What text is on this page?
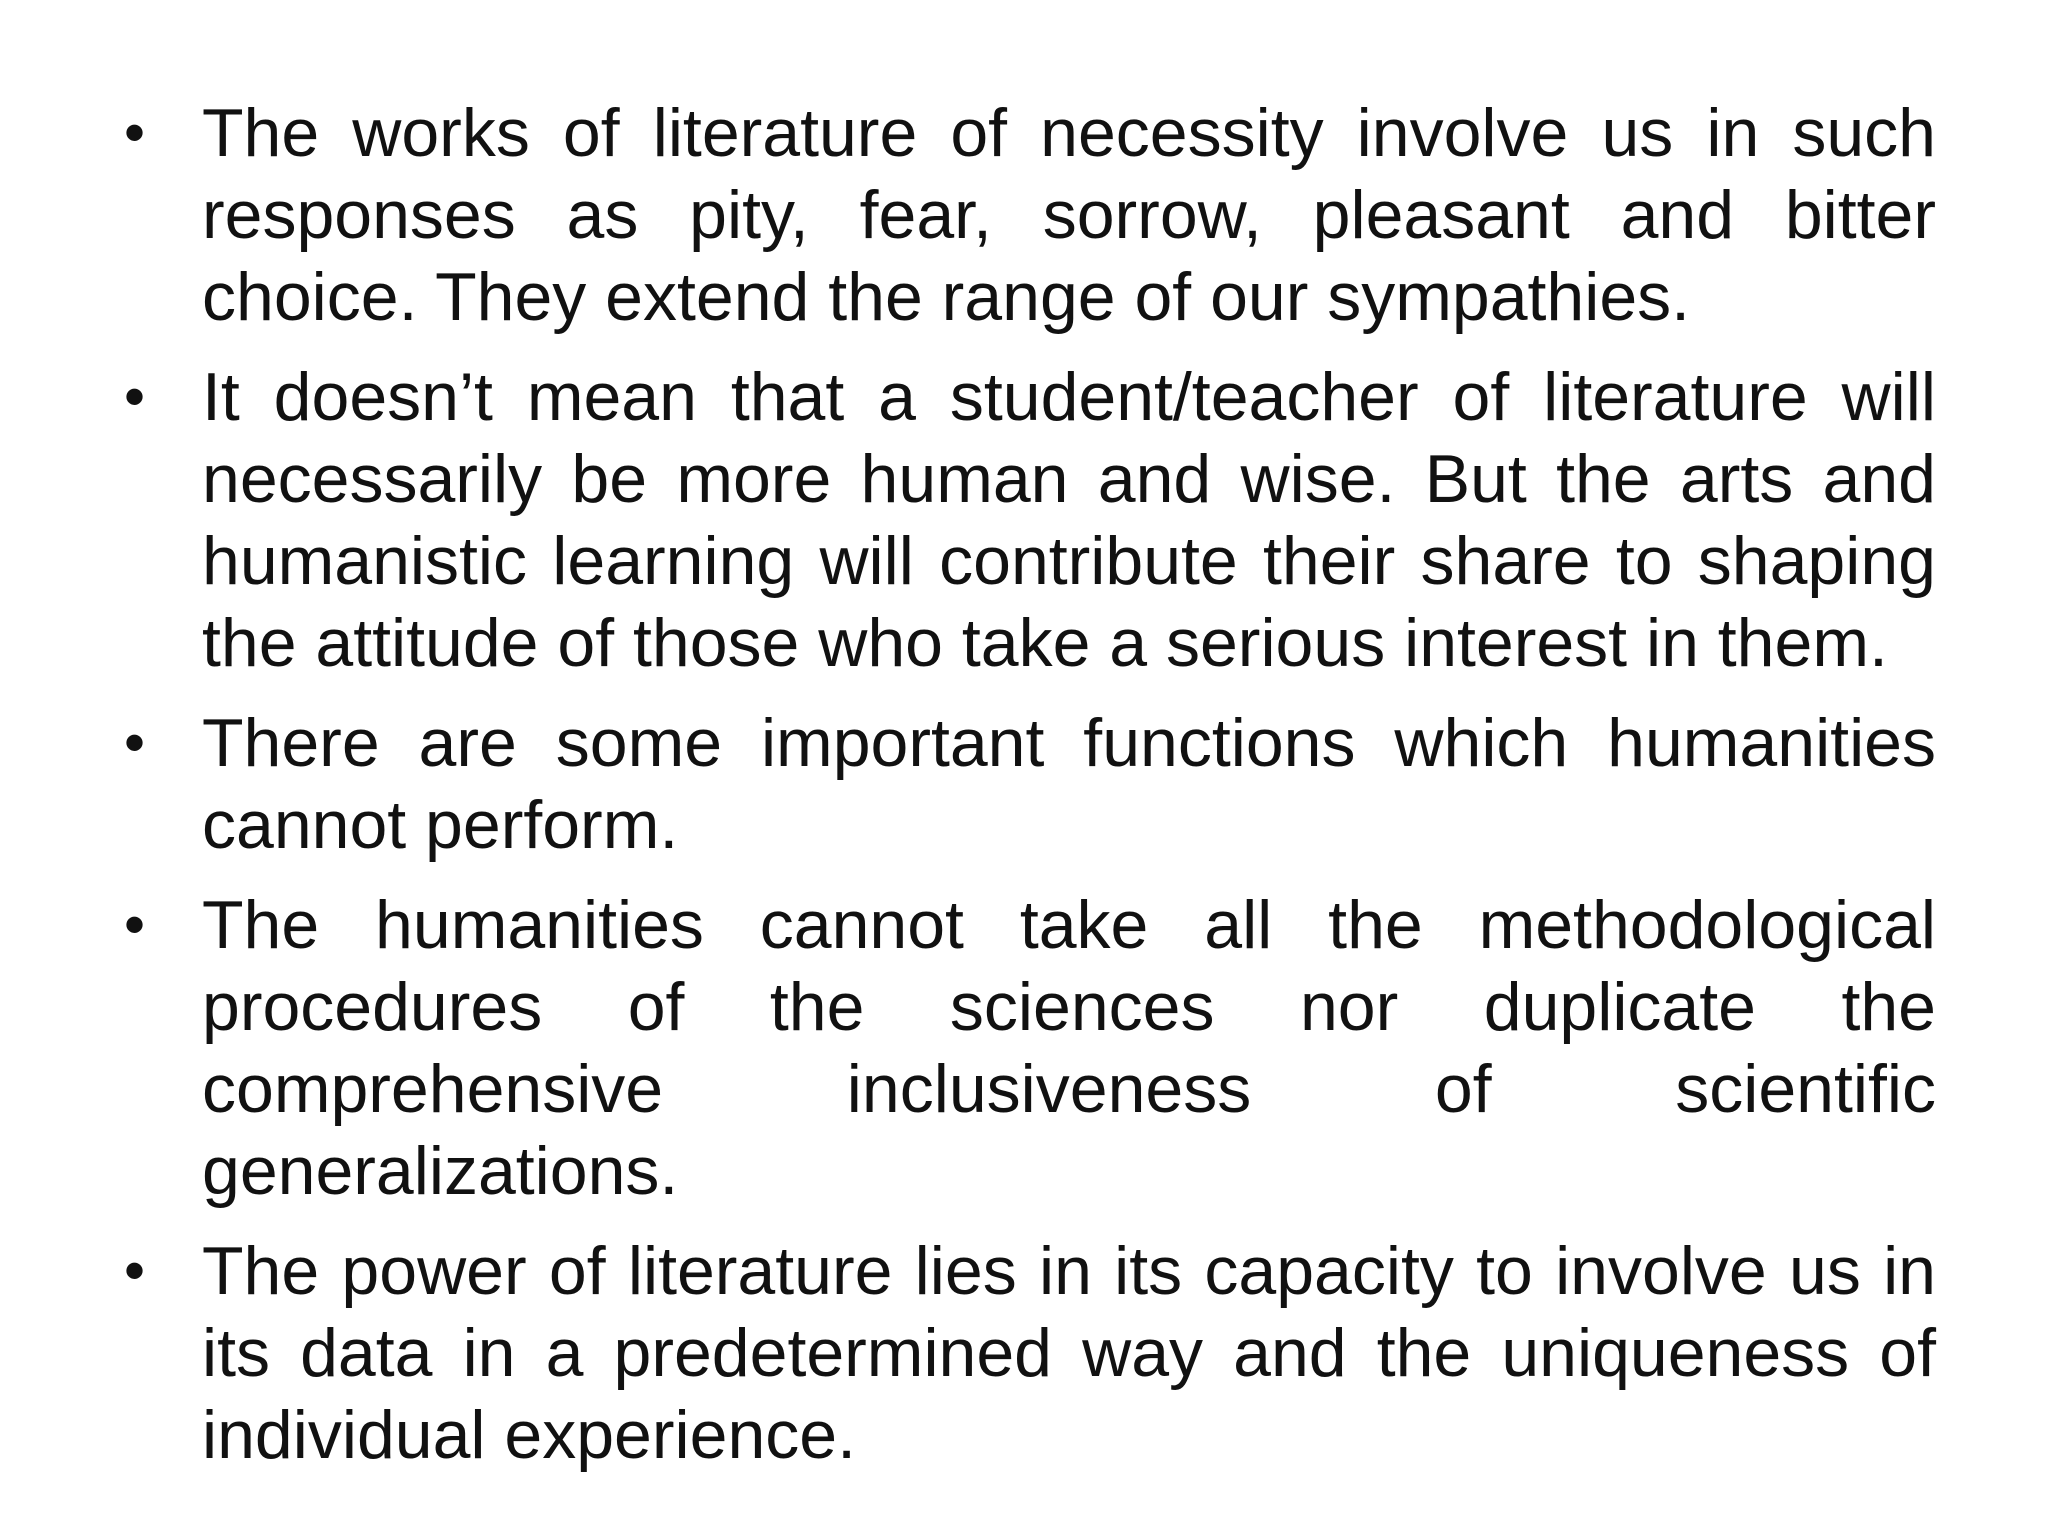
• The works of literature of necessity involve us in such responses as pity, fear, sorrow, pleasant and bitter choice. They extend the range of our sympathies.
• It doesn’t mean that a student/teacher of literature will necessarily be more human and wise. But the arts and humanistic learning will contribute their share to shaping the attitude of those who take a serious interest in them.
• There are some important functions which humanities cannot perform.
• The humanities cannot take all the methodological procedures of the sciences nor duplicate the comprehensive inclusiveness of scientific generalizations.
• The power of literature lies in its capacity to involve us in its data in a predetermined way and the uniqueness of individual experience.
